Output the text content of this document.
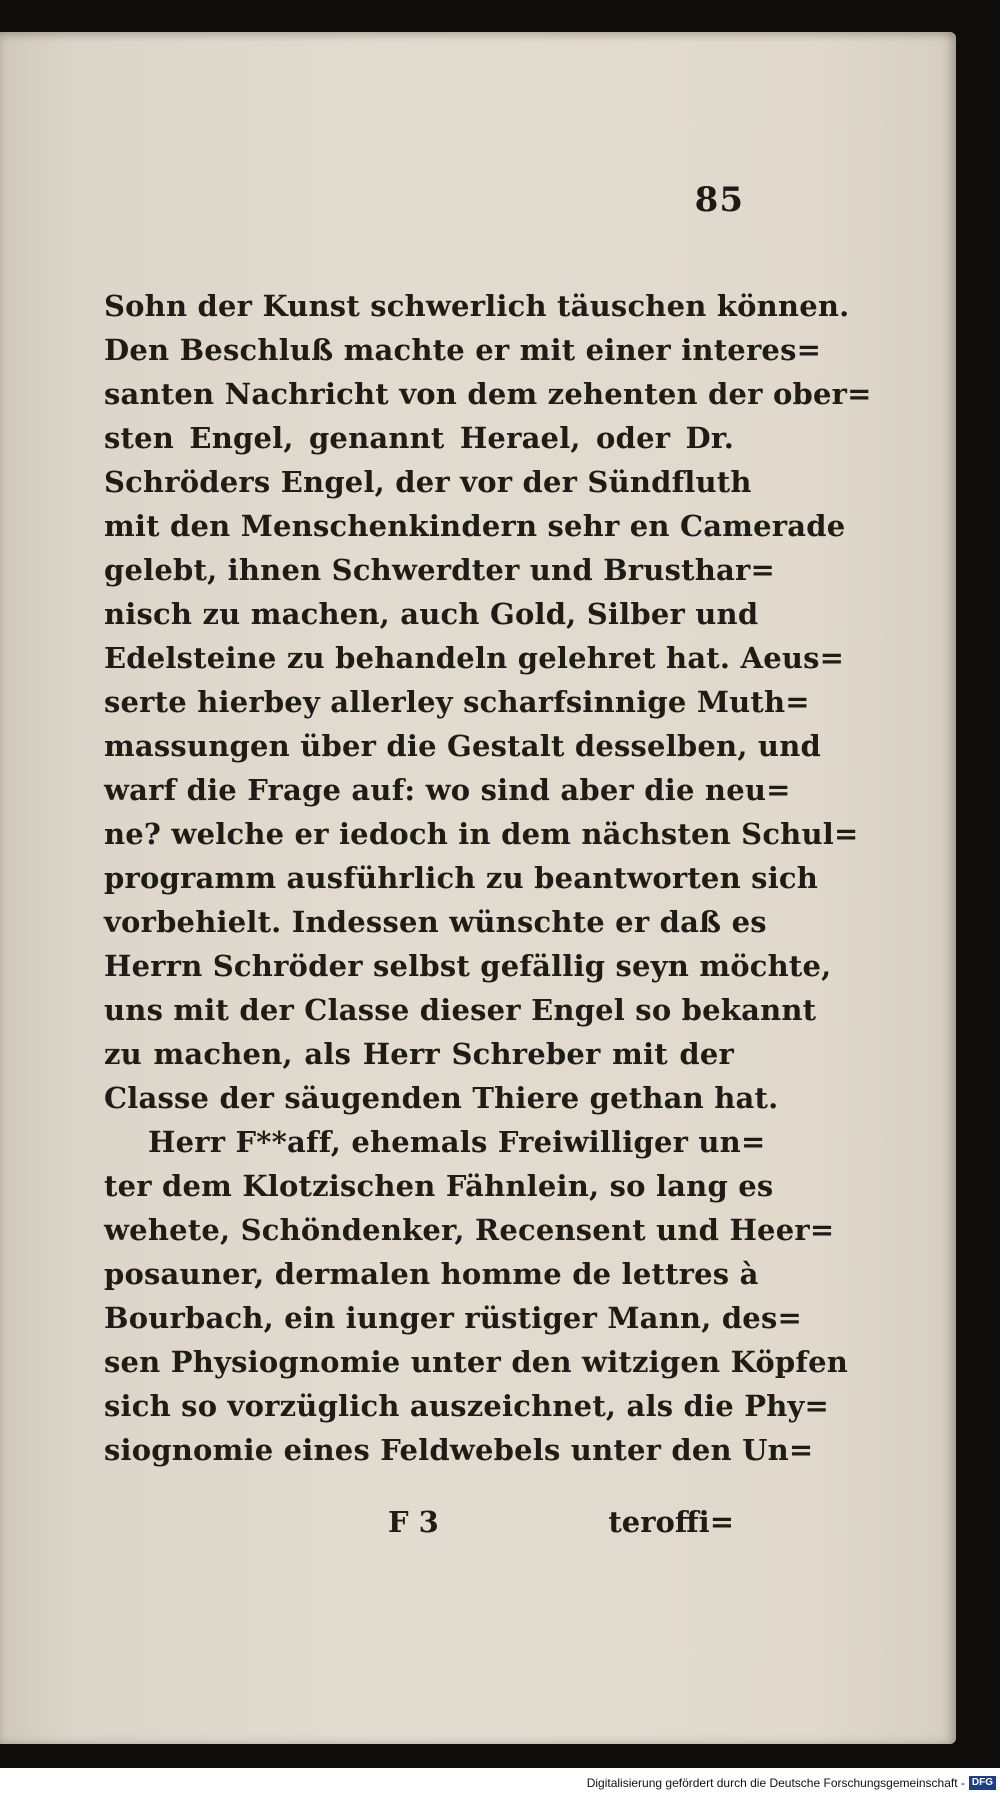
85
Sohn der Kunst schwerlich täuschen können.
Den Beschluß machte er mit einer interes=
santen Nachricht von dem zehenten der ober=
sten Engel, genannt Herael, oder Dr.
Schröders Engel, der vor der Sündfluth
mit den Menschenkindern sehr en Camerade
gelebt, ihnen Schwerdter und Brusthar=
nisch zu machen, auch Gold, Silber und
Edelsteine zu behandeln gelehret hat. Aeus=
serte hierbey allerley scharfsinnige Muth=
massungen über die Gestalt desselben, und
warf die Frage auf: wo sind aber die neu=
ne? welche er iedoch in dem nächsten Schul=
programm ausführlich zu beantworten sich
vorbehielt. Indessen wünschte er daß es
Herrn Schröder selbst gefällig seyn möchte,
uns mit der Classe dieser Engel so bekannt
zu machen, als Herr Schreber mit der
Classe der säugenden Thiere gethan hat.
Herr F**aff, ehemals Freiwilliger un=
ter dem Klotzischen Fähnlein, so lang es
wehete, Schöndenker, Recensent und Heer=
posauner, dermalen homme de lettres à
Bourbach, ein iunger rüstiger Mann, des=
sen Physiognomie unter den witzigen Köpfen
sich so vorzüglich auszeichnet, als die Phy=
siognomie eines Feldwebels unter den Un=
F 3	teroffi=
Digitalisierung gefördert durch die Deutsche Forschungsgemeinschaft - DFG
